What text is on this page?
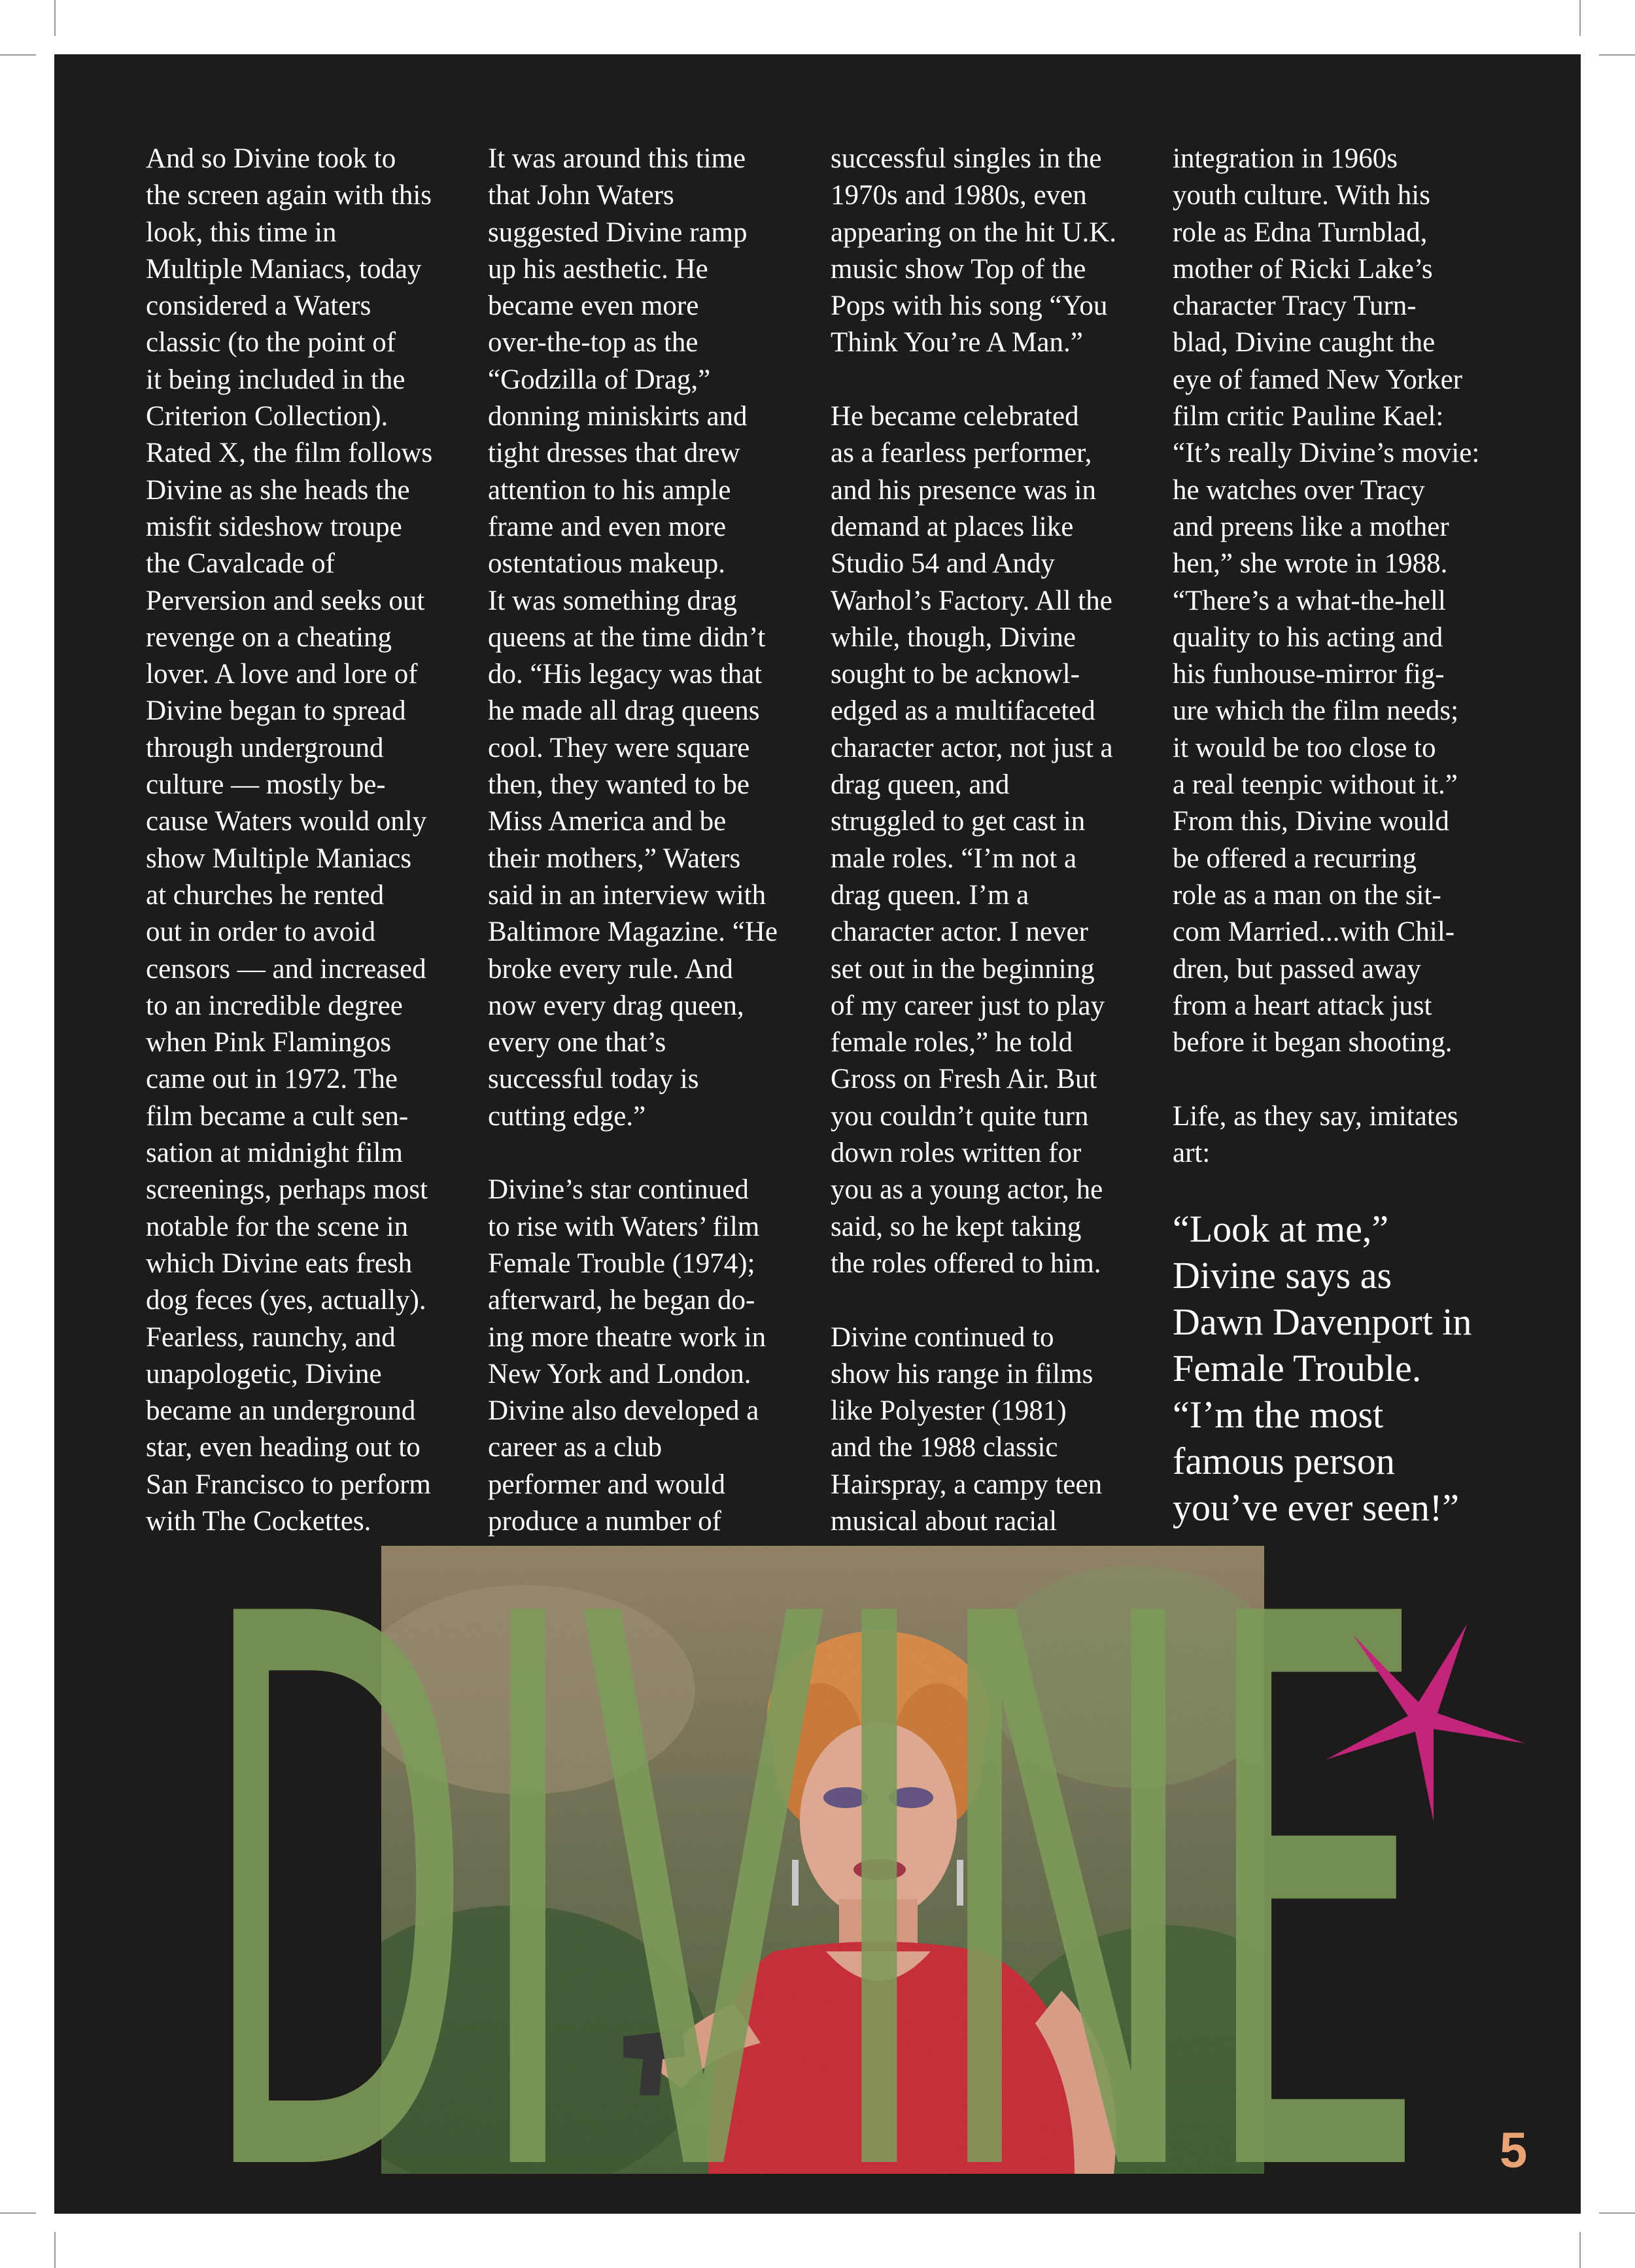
And so Divine took to
the screen again with this
look, this time in
Multiple Maniacs, today
considered a Waters
classic (to the point of
it being included in the
Criterion Collection).
Rated X, the film follows
Divine as she heads the
misfit sideshow troupe
the Cavalcade of
Perversion and seeks out
revenge on a cheating
lover. A love and lore of
Divine began to spread
through underground
culture — mostly be-
cause Waters would only
show Multiple Maniacs
at churches he rented
out in order to avoid
censors — and increased
to an incredible degree
when Pink Flamingos
came out in 1972. The
film became a cult sen-
sation at midnight film
screenings, perhaps most
notable for the scene in
which Divine eats fresh
dog feces (yes, actually).
Fearless, raunchy, and
unapologetic, Divine
became an underground
star, even heading out to
San Francisco to perform
with The Cockettes.
It was around this time
that John Waters
suggested Divine ramp
up his aesthetic. He
became even more
over-the-top as the
“Godzilla of Drag,”
donning miniskirts and
tight dresses that drew
attention to his ample
frame and even more
ostentatious makeup.
It was something drag
queens at the time didn’t
do. “His legacy was that
he made all drag queens
cool. They were square
then, they wanted to be
Miss America and be
their mothers,” Waters
said in an interview with
Baltimore Magazine. “He
broke every rule. And
now every drag queen,
every one that’s
successful today is
cutting edge.”

Divine’s star continued
to rise with Waters’ film
Female Trouble (1974);
afterward, he began do-
ing more theatre work in
New York and London.
Divine also developed a
career as a club
performer and would
produce a number of
successful singles in the
1970s and 1980s, even
appearing on the hit U.K.
music show Top of the
Pops with his song “You
Think You’re A Man.”

He became celebrated
as a fearless performer,
and his presence was in
demand at places like
Studio 54 and Andy
Warhol’s Factory. All the
while, though, Divine
sought to be acknowl-
edged as a multifaceted
character actor, not just a
drag queen, and
struggled to get cast in
male roles. “I’m not a
drag queen. I’m a
character actor. I never
set out in the beginning
of my career just to play
female roles,” he told
Gross on Fresh Air. But
you couldn’t quite turn
down roles written for
you as a young actor, he
said, so he kept taking
the roles offered to him.

Divine continued to
show his range in films
like Polyester (1981)
and the 1988 classic
Hairspray, a campy teen
musical about racial
integration in 1960s
youth culture. With his
role as Edna Turnblad,
mother of Ricki Lake’s
character Tracy Turn-
blad, Divine caught the
eye of famed New Yorker
film critic Pauline Kael:
“It’s really Divine’s movie:
he watches over Tracy
and preens like a mother
hen,” she wrote in 1988.
“There’s a what-the-hell
quality to his acting and
his funhouse-mirror fig-
ure which the film needs;
it would be too close to
a real teenpic without it.”
From this, Divine would
be offered a recurring
role as a man on the sit-
com Married...with Chil-
dren, but passed away
from a heart attack just
before it began shooting.

Life, as they say, imitates
art:
“Look at me,”
Divine says as
Dawn Davenport in
Female Trouble.
“I’m the most
famous person
you’ve ever seen!”
DIVINE 5
